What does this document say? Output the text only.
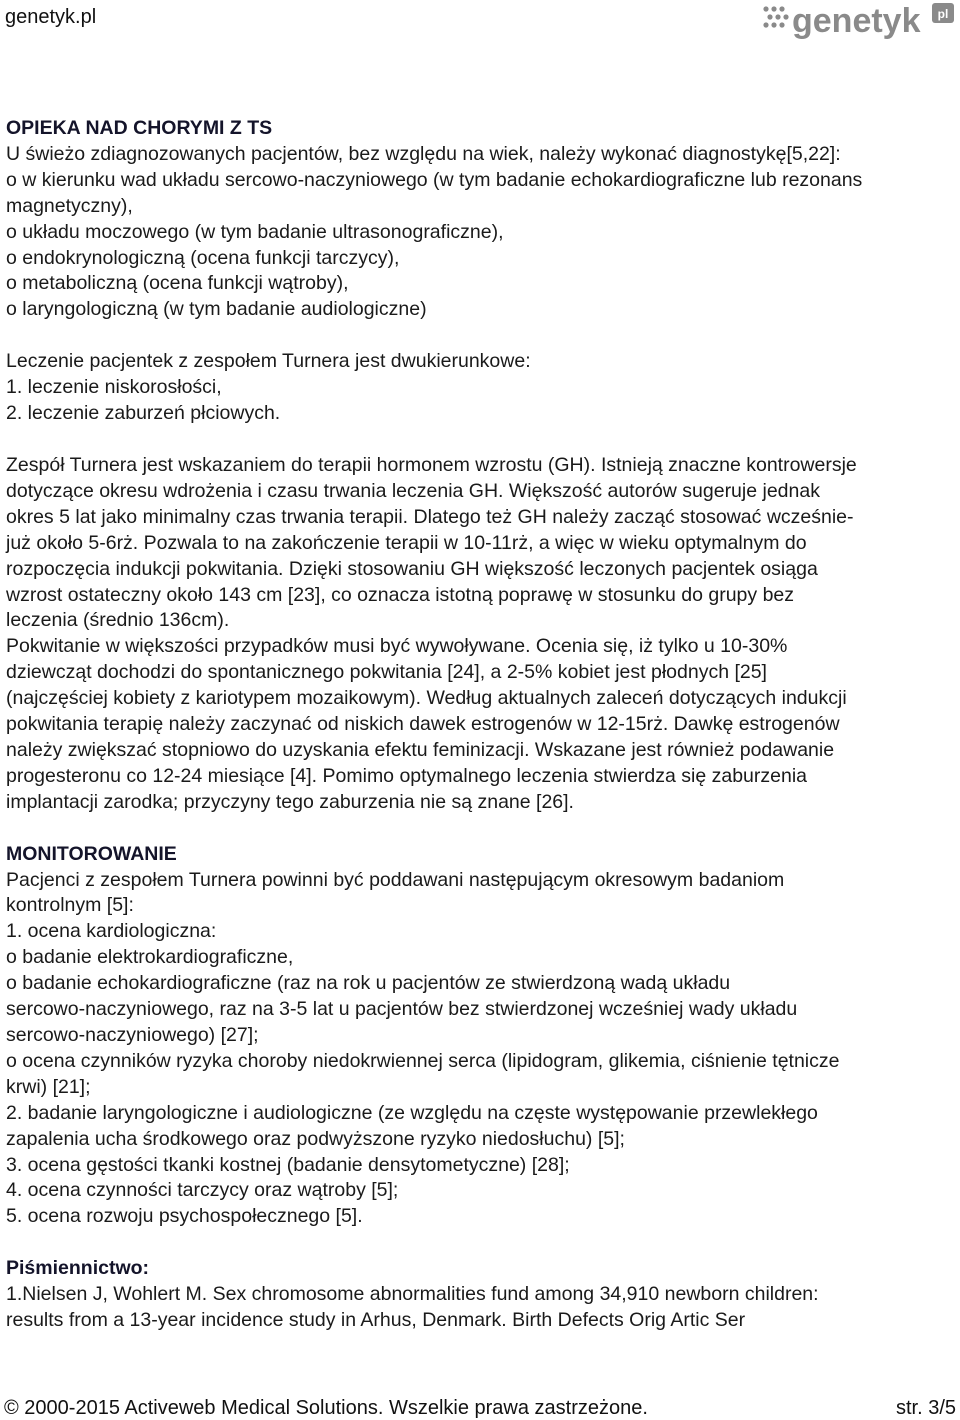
genetyk.pl	genetyk pl
OPIEKA NAD CHORYMI Z TS
U świeżo zdiagnozowanych pacjentów, bez względu na wiek, należy wykonać diagnostykę[5,22]:
o w kierunku wad układu sercowo-naczyniowego (w tym badanie echokardiograficzne lub rezonans
magnetyczny),
o układu moczowego (w tym badanie ultrasonograficzne),
o endokrynologiczną (ocena funkcji tarczycy),
o metaboliczną (ocena funkcji wątroby),
o laryngologiczną (w tym badanie audiologiczne)
Leczenie pacjentek z zespołem Turnera jest dwukierunkowe:
1. leczenie niskorosłości,
2. leczenie zaburzeń płciowych.
Zespół Turnera jest wskazaniem do terapii hormonem wzrostu (GH). Istnieją znaczne kontrowersje
dotyczące okresu wdrożenia i czasu trwania leczenia GH. Większość autorów sugeruje jednak
okres 5 lat jako minimalny czas trwania terapii. Dlatego też GH należy zacząć stosować wcześnie-
już około 5-6rż. Pozwala to na zakończenie terapii w 10-11rż, a więc w wieku optymalnym do
rozpoczęcia indukcji pokwitania. Dzięki stosowaniu GH większość leczonych pacjentek osiąga
wzrost ostateczny około 143 cm [23], co oznacza istotną poprawę w stosunku do grupy bez
leczenia (średnio 136cm).
Pokwitanie w większości przypadków musi być wywoływane. Ocenia się, iż tylko u 10-30%
dziewcząt dochodzi do spontanicznego pokwitania [24], a 2-5% kobiet jest płodnych [25]
(najczęściej kobiety z kariotypem mozaikowym). Według aktualnych zaleceń dotyczących indukcji
pokwitania terapię należy zaczynać od niskich dawek estrogenów w 12-15rż. Dawkę estrogenów
należy zwiększać stopniowo do uzyskania efektu feminizacji. Wskazane jest również podawanie
progesteronu co 12-24 miesiące [4]. Pomimo optymalnego leczenia stwierdza się zaburzenia
implantacji zarodka; przyczyny tego zaburzenia nie są znane [26].
MONITOROWANIE
Pacjenci z zespołem Turnera powinni być poddawani następującym okresowym badaniom
kontrolnym [5]:
1. ocena kardiologiczna:
o badanie elektrokardiograficzne,
o badanie echokardiograficzne (raz na rok u pacjentów ze stwierdzoną wadą układu
sercowo-naczyniowego, raz na 3-5 lat u pacjentów bez stwierdzonej wcześniej wady układu
sercowo-naczyniowego) [27];
o ocena czynników ryzyka choroby niedokrwiennej serca (lipidogram, glikemia, ciśnienie tętnicze
krwi) [21];
2. badanie laryngologiczne i audiologiczne (ze względu na częste występowanie przewlekłego
zapalenia ucha środkowego oraz podwyższone ryzyko niedosłuchu) [5];
3. ocena gęstości tkanki kostnej (badanie densytometyczne) [28];
4. ocena czynności tarczycy oraz wątroby [5];
5. ocena rozwoju psychospołecznego [5].
Piśmiennictwo:
1.Nielsen J, Wohlert M. Sex chromosome abnormalities fund among 34,910 newborn children:
results from a 13-year incidence study in Arhus, Denmark. Birth Defects Orig Artic Ser
© 2000-2015 Activeweb Medical Solutions. Wszelkie prawa zastrzeżone.	str. 3/5
